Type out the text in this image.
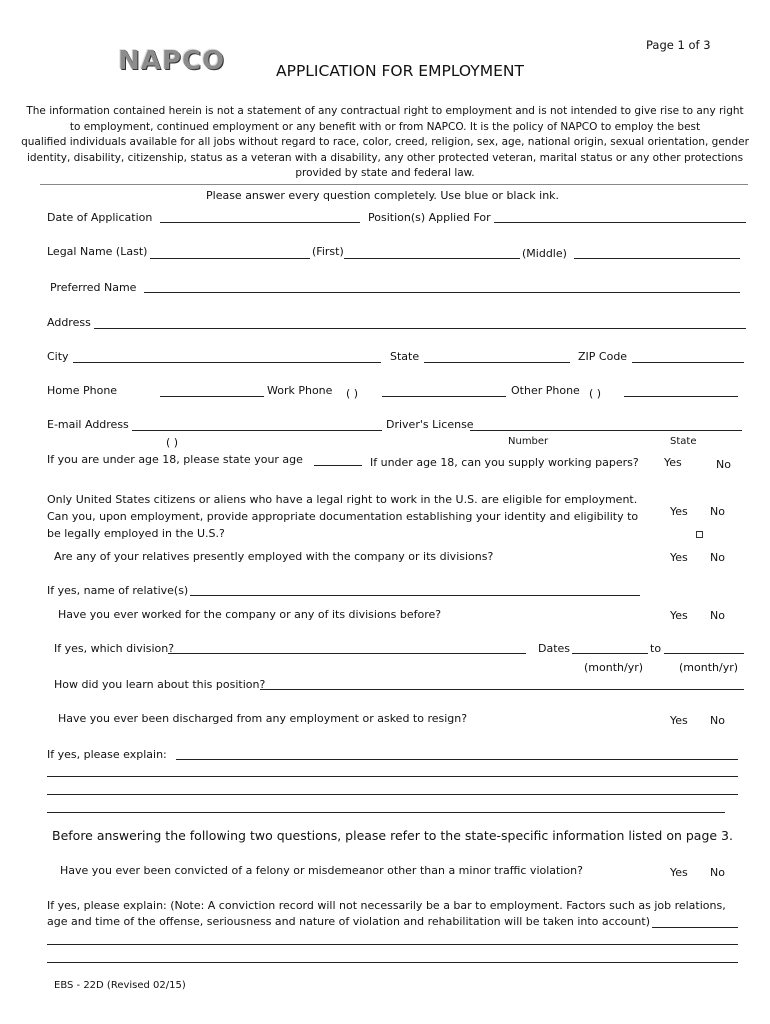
Page 1 of 3
NAPCO	APPLICATION FOR EMPLOYMENT
The information contained herein is not a statement of any contractual right to employment and is not intended to give rise to any right
to employment, continued employment or any benefit with or from NAPCO. It is the policy of NAPCO to employ the best
qualified individuals available for all jobs without regard to race, color, creed, religion, sex, age, national origin, sexual orientation, gender
identity, disability, citizenship, status as a veteran with a disability, any other protected veteran, marital status or any other protections
provided by state and federal law.
Please answer every question completely. Use blue or black ink.
Date of Application	Position(s) Applied For
Legal Name (Last)	(First)	(Middle)
Preferred Name
Address
City	State	ZIP Code
Home Phone	Work Phone ( )	Other Phone ( )
E-mail Address	Driver's License
( )	Number	State
If you are under age 18, please state your age	If under age 18, can you supply working papers? Yes	No
Only United States citizens or aliens who have a legal right to work in the U.S. are eligible for employment.
Can you, upon employment, provide appropriate documentation establishing your identity and eligibility to
be legally employed in the U.S.?
Yes No
Are any of your relatives presently employed with the company or its divisions?	Yes No
If yes, name of relative(s)
Have you ever worked for the company or any of its divisions before?	Yes No
If yes, which division?	Dates	to
(month/yr)	(month/yr)
How did you learn about this position?
Have you ever been discharged from any employment or asked to resign?	Yes No
If yes, please explain:
Before answering the following two questions, please refer to the state-specific information listed on page 3.
Have you ever been convicted of a felony or misdemeanor other than a minor traffic violation?	Yes No
If yes, please explain: (Note: A conviction record will not necessarily be a bar to employment. Factors such as job relations,
age and time of the offense, seriousness and nature of violation and rehabilitation will be taken into account)
EBS - 22D (Revised 02/15)
